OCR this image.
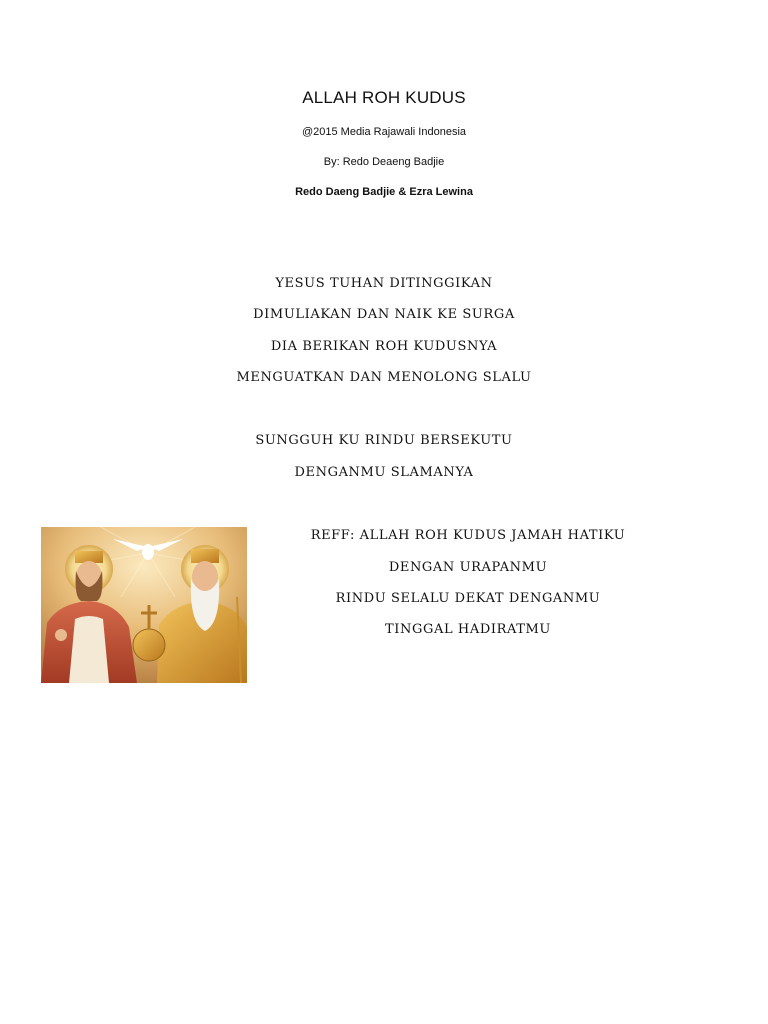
ALLAH ROH KUDUS
@2015 Media Rajawali Indonesia
By: Redo Deaeng Badjie
Redo Daeng Badjie & Ezra Lewina
YESUS TUHAN DITINGGIKAN
DIMULIAKAN DAN NAIK KE SURGA
DIA BERIKAN ROH KUDUSNYA
MENGUATKAN DAN MENOLONG SLALU
SUNGGUH KU RINDU BERSEKUTU
DENGANMU SLAMANYA
REFF: ALLAH ROH KUDUS JAMAH HATIKU
DENGAN URAPANMU
RINDU SELALU DEKAT DENGANMU
TINGGAL HADIRATMU
